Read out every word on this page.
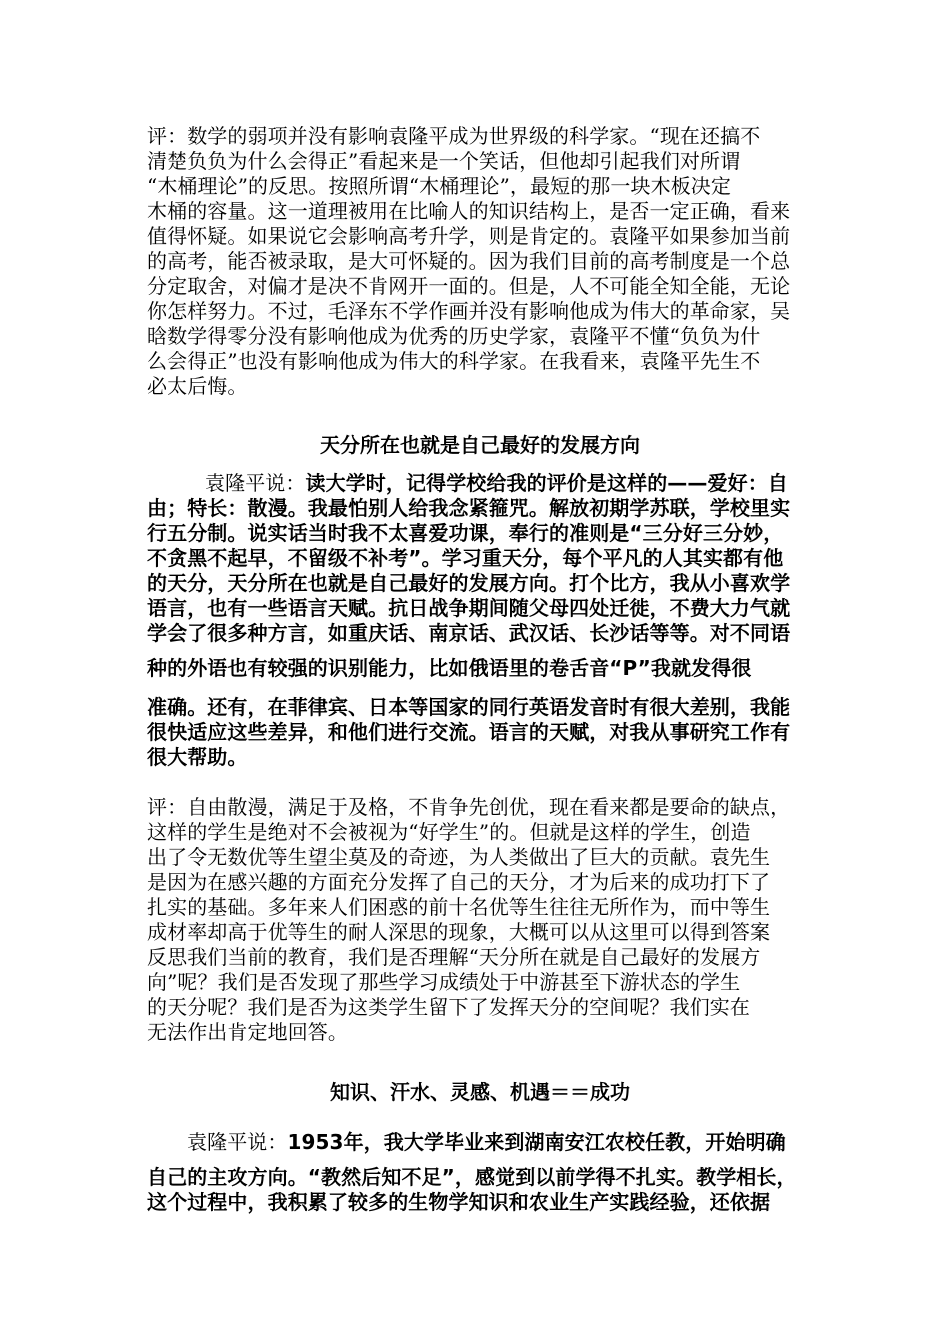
评：数学的弱项并没有影响袁隆平成为世界级的科学家。“现在还搞不
清楚负负为什么会得正”看起来是一个笑话，但他却引起我们对所谓
“木桶理论”的反思。按照所谓“木桶理论”，最短的那一块木板决定
木桶的容量。这一道理被用在比喻人的知识结构上，是否一定正确，看来
值得怀疑。如果说它会影响高考升学，则是肯定的。袁隆平如果参加当前
的高考，能否被录取，是大可怀疑的。因为我们目前的高考制度是一个总
分定取舍，对偏才是决不肯网开一面的。但是，人不可能全知全能，无论
你怎样努力。不过，毛泽东不学作画并没有影响他成为伟大的革命家，吴
晗数学得零分没有影响他成为优秀的历史学家，袁隆平不懂“负负为什
么会得正”也没有影响他成为伟大的科学家。在我看来，袁隆平先生不
必太后悔。
天分所在也就是自己最好的发展方向
袁隆平说：读大学时，记得学校给我的评价是这样的——爱好：自
由；特长：散漫。我最怕别人给我念紧箍咒。解放初期学苏联，学校里实
行五分制。说实话当时我不太喜爱功课，奉行的准则是“三分好三分妙，
不贪黑不起早，不留级不补考”。学习重天分，每个平凡的人其实都有他
的天分，天分所在也就是自己最好的发展方向。打个比方，我从小喜欢学
语言，也有一些语言天赋。抗日战争期间随父母四处迁徙，不费大力气就
学会了很多种方言，如重庆话、南京话、武汉话、长沙话等等。对不同语
种的外语也有较强的识别能力，比如俄语里的卷舌音“P”我就发得很
准确。还有，在菲律宾、日本等国家的同行英语发音时有很大差别，我能
很快适应这些差异，和他们进行交流。语言的天赋，对我从事研究工作有
很大帮助。
评：自由散漫，满足于及格，不肯争先创优，现在看来都是要命的缺点，
这样的学生是绝对不会被视为“好学生”的。但就是这样的学生，创造
出了令无数优等生望尘莫及的奇迹，为人类做出了巨大的贡献。袁先生
是因为在感兴趣的方面充分发挥了自己的天分，才为后来的成功打下了
扎实的基础。多年来人们困惑的前十名优等生往往无所作为，而中等生
成材率却高于优等生的耐人深思的现象，大概可以从这里可以得到答案
反思我们当前的教育，我们是否理解“天分所在就是自己最好的发展方
向”呢？我们是否发现了那些学习成绩处于中游甚至下游状态的学生
的天分呢？我们是否为这类学生留下了发挥天分的空间呢？我们实在
无法作出肯定地回答。
知识、汗水、灵感、机遇＝＝成功
袁隆平说：1953年，我大学毕业来到湖南安江农校任教，开始明确
自己的主攻方向。“教然后知不足”，感觉到以前学得不扎实。教学相长，
这个过程中，我积累了较多的生物学知识和农业生产实践经验，还依据
